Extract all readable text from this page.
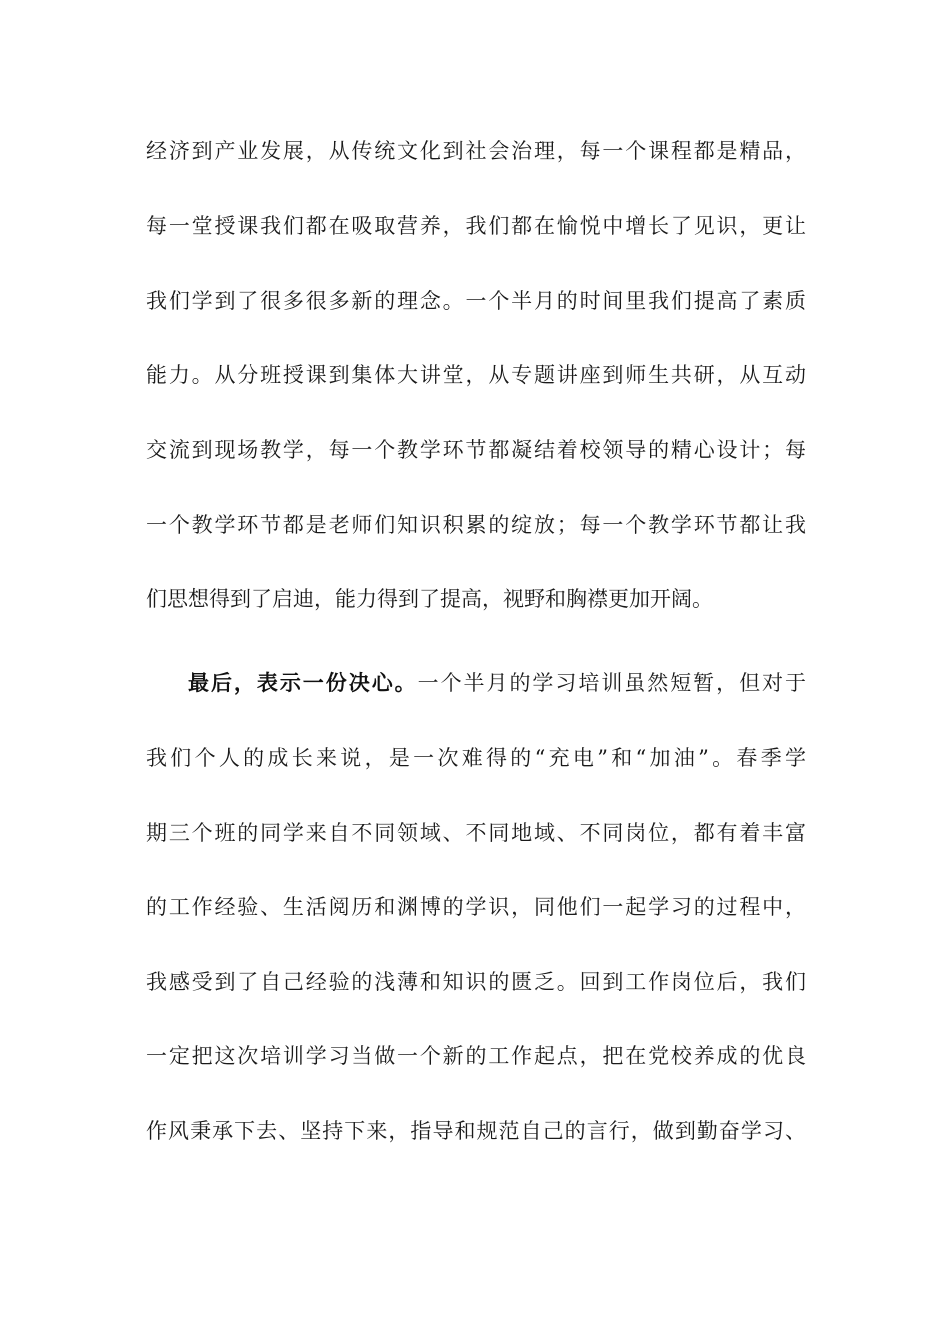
经济到产业发展，从传统文化到社会治理，每一个课程都是精品，
每一堂授课我们都在吸取营养，我们都在愉悦中增长了见识，更让
我们学到了很多很多新的理念。一个半月的时间里我们提高了素质
能力。从分班授课到集体大讲堂，从专题讲座到师生共研，从互动
交流到现场教学，每一个教学环节都凝结着校领导的精心设计；每
一个教学环节都是老师们知识积累的绽放；每一个教学环节都让我
们思想得到了启迪，能力得到了提高，视野和胸襟更加开阔。
最后，表示一份决心。一个半月的学习培训虽然短暂，但对于
我们个人的成长来说，是一次难得的“充电”和“加油”。春季学
期三个班的同学来自不同领域、不同地域、不同岗位，都有着丰富
的工作经验、生活阅历和渊博的学识，同他们一起学习的过程中，
我感受到了自己经验的浅薄和知识的匮乏。回到工作岗位后，我们
一定把这次培训学习当做一个新的工作起点，把在党校养成的优良
作风秉承下去、坚持下来，指导和规范自己的言行，做到勤奋学习、
